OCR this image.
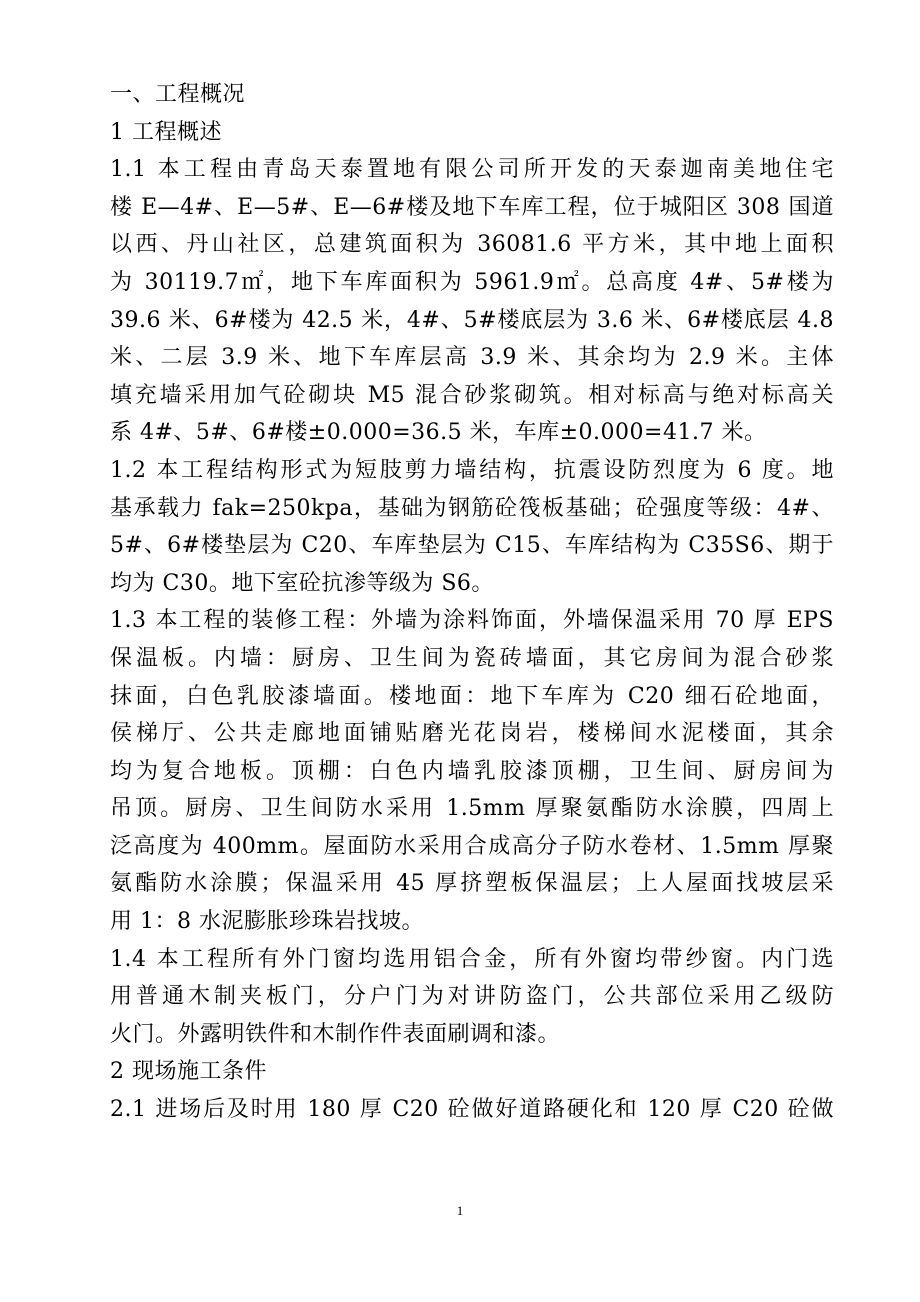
一、工程概况
1 工程概述
1.1 本工程由青岛天泰置地有限公司所开发的天泰迦南美地住宅
楼 E—4#、E—5#、E—6#楼及地下车库工程，位于城阳区 308 国道
以西、丹山社区，总建筑面积为 36081.6 平方米，其中地上面积
为 30119.7㎡，地下车库面积为 5961.9㎡。总高度 4#、5#楼为
39.6 米、6#楼为 42.5 米，4#、5#楼底层为 3.6 米、6#楼底层 4.8
米、二层 3.9 米、地下车库层高 3.9 米、其余均为 2.9 米。主体
填充墙采用加气砼砌块 M5 混合砂浆砌筑。相对标高与绝对标高关
系 4#、5#、6#楼±0.000=36.5 米，车库±0.000=41.7 米。
1.2 本工程结构形式为短肢剪力墙结构，抗震设防烈度为 6 度。地
基承载力 fak=250kpa，基础为钢筋砼筏板基础；砼强度等级：4#、
5#、6#楼垫层为 C20、车库垫层为 C15、车库结构为 C35S6、期于
均为 C30。地下室砼抗渗等级为 S6。
1.3 本工程的装修工程：外墙为涂料饰面，外墙保温采用 70 厚 EPS
保温板。内墙：厨房、卫生间为瓷砖墙面，其它房间为混合砂浆
抹面，白色乳胶漆墙面。楼地面：地下车库为 C20 细石砼地面，
侯梯厅、公共走廊地面铺贴磨光花岗岩，楼梯间水泥楼面，其余
均为复合地板。顶棚：白色内墙乳胶漆顶棚，卫生间、厨房间为
吊顶。厨房、卫生间防水采用 1.5mm 厚聚氨酯防水涂膜，四周上
泛高度为 400mm。屋面防水采用合成高分子防水卷材、1.5mm 厚聚
氨酯防水涂膜；保温采用 45 厚挤塑板保温层；上人屋面找坡层采
用 1：8 水泥膨胀珍珠岩找坡。
1.4 本工程所有外门窗均选用铝合金，所有外窗均带纱窗。内门选
用普通木制夹板门，分户门为对讲防盗门，公共部位采用乙级防
火门。外露明铁件和木制作件表面刷调和漆。
2 现场施工条件
2.1 进场后及时用 180 厚 C20 砼做好道路硬化和 120 厚 C20 砼做
1
